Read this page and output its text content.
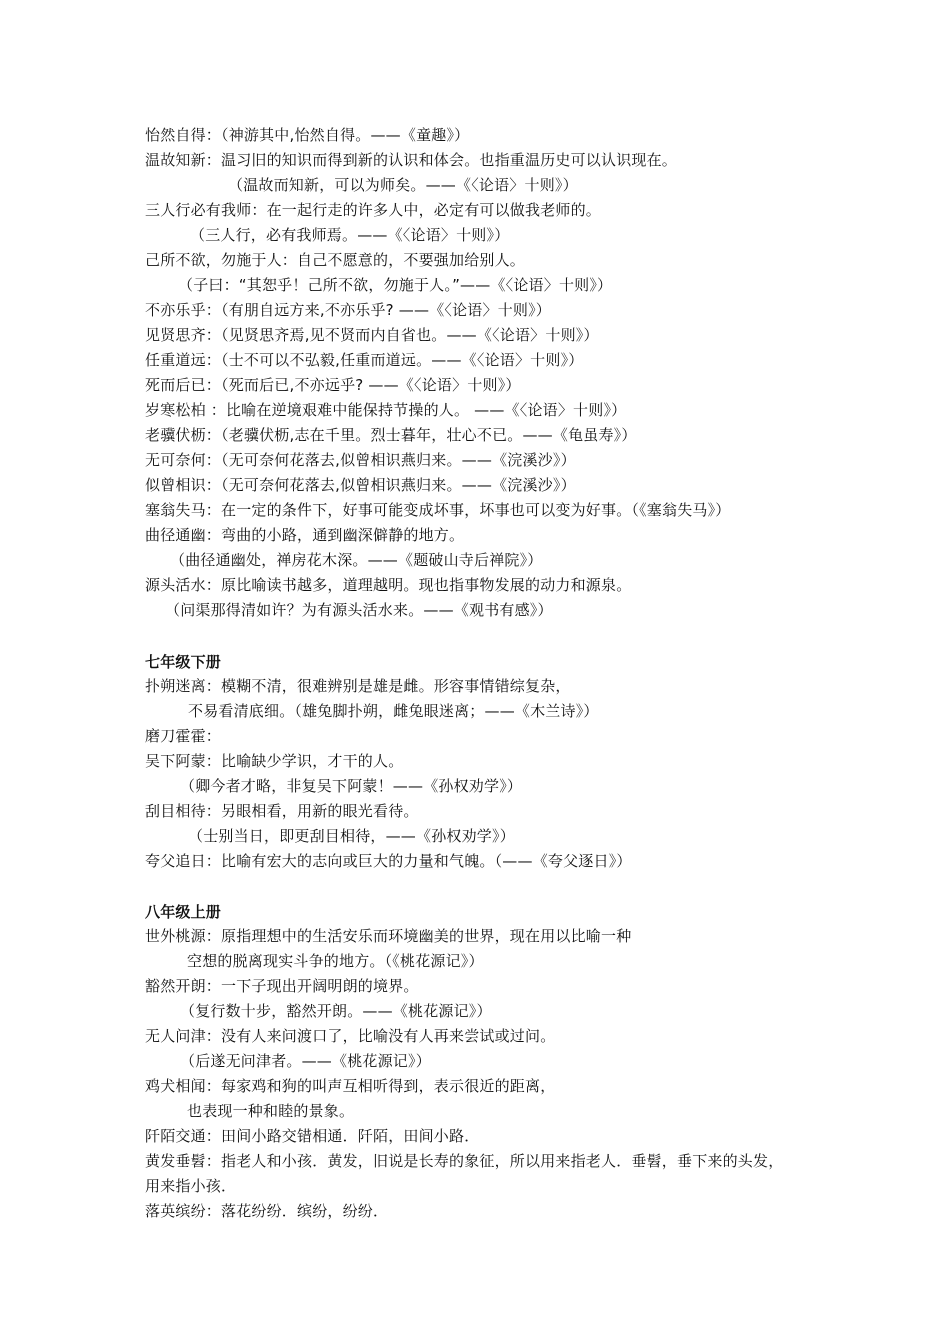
怡然自得：（神游其中,怡然自得。——《童趣》）
温故知新：温习旧的知识而得到新的认识和体会。也指重温历史可以认识现在。
（温故而知新，可以为师矣。——《〈论语〉十则》）
三人行必有我师：在一起行走的许多人中，必定有可以做我老师的。
（三人行，必有我师焉。——《〈论语〉十则》）
己所不欲，勿施于人：自己不愿意的，不要强加给别人。
（子曰：“其恕乎！己所不欲，勿施于人。”——《〈论语〉十则》）
不亦乐乎：（有朋自远方来,不亦乐乎? ——《〈论语〉十则》）
见贤思齐：（见贤思齐焉,见不贤而内自省也。——《〈论语〉十则》）
任重道远：（士不可以不弘毅,任重而道远。——《〈论语〉十则》）
死而后已：（死而后已,不亦远乎? ——《〈论语〉十则》）
岁寒松柏 ：比喻在逆境艰难中能保持节操的人。 ——《〈论语〉十则》）
老骥伏枥：（老骥伏枥,志在千里。烈士暮年，壮心不已。——《龟虽寿》）
无可奈何：（无可奈何花落去,似曾相识燕归来。——《浣溪沙》）
似曾相识：（无可奈何花落去,似曾相识燕归来。——《浣溪沙》）
塞翁失马：在一定的条件下，好事可能变成坏事，坏事也可以变为好事。（《塞翁失马》）
曲径通幽：弯曲的小路，通到幽深僻静的地方。
（曲径通幽处，禅房花木深。——《题破山寺后禅院》）
源头活水：原比喻读书越多，道理越明。现也指事物发展的动力和源泉。
（问渠那得清如许？为有源头活水来。——《观书有感》）
七年级下册
扑朔迷离：模糊不清，很难辨别是雄是雌。形容事情错综复杂，
不易看清底细。（雄兔脚扑朔，雌兔眼迷离；——《木兰诗》）
磨刀霍霍：
吴下阿蒙：比喻缺少学识，才干的人。
（卿今者才略，非复吴下阿蒙！——《孙权劝学》）
刮目相待：另眼相看，用新的眼光看待。
（士别当日，即更刮目相待，——《孙权劝学》）
夸父追日：比喻有宏大的志向或巨大的力量和气魄。（——《夸父逐日》）
八年级上册
世外桃源：原指理想中的生活安乐而环境幽美的世界，现在用以比喻一种
空想的脱离现实斗争的地方。（《桃花源记》）
豁然开朗：一下子现出开阔明朗的境界。
（复行数十步，豁然开朗。——《桃花源记》）
无人问津：没有人来问渡口了，比喻没有人再来尝试或过问。
（后遂无问津者。——《桃花源记》）
鸡犬相闻：每家鸡和狗的叫声互相听得到，表示很近的距离，
也表现一种和睦的景象。
阡陌交通：田间小路交错相通．阡陌，田间小路．
黄发垂髫：指老人和小孩．黄发，旧说是长寿的象征，所以用来指老人．垂髫，垂下来的头发，
用来指小孩．
落英缤纷：落花纷纷．缤纷，纷纷．
